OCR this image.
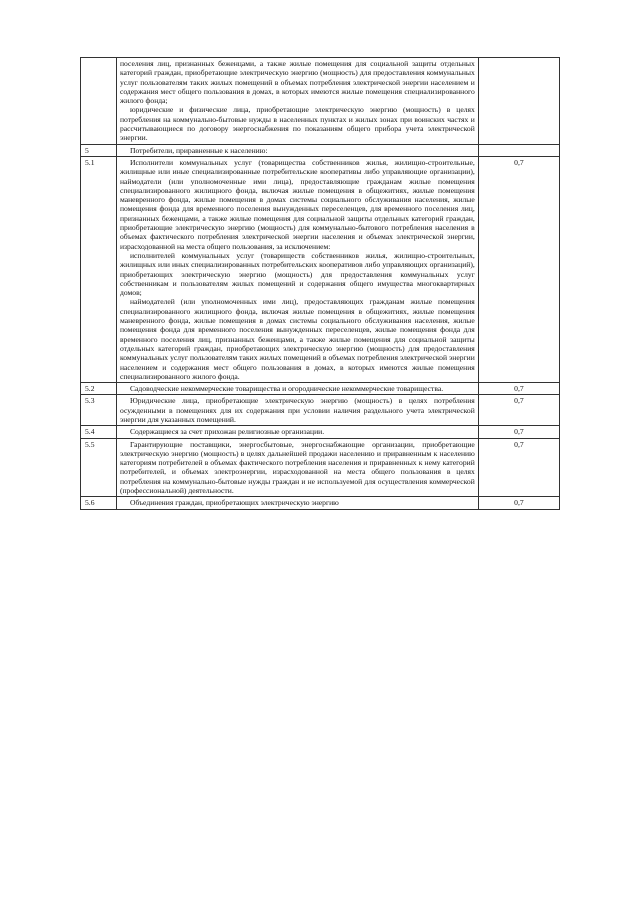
	поселения лиц, признанных беженцами, а также жилые помещения для социальной защиты отдельных категорий граждан, приобретающие электрическую энергию (мощность) для предоставления коммунальных услуг пользователям таких жилых помещений в объемах потребления электрической энергии населением и содержания мест общего пользования в домах, в которых имеются жилые помещения специализированного жилого фонда;

юридические и физические лица, приобретающие электрическую энергию (мощность) в целях потребления на коммунально-бытовые нужды в населенных пунктах и жилых зонах при воинских частях и рассчитывающиеся по договору энергоснабжения по показаниям общего прибора учета электрической энергии.	

5	Потребители, приравненные к населению:	

5.1	Исполнители коммунальных услуг (товарищества собственников жилья, жилищно-строительные, жилищные или иные специализированные потребительские кооперативы либо управляющие организации), наймодатели (или уполномоченные ими лица), предоставляющие гражданам жилые помещения специализированного жилищного фонда, включая жилые помещения в общежитиях, жилые помещения маневренного фонда, жилые помещения в домах системы социального обслуживания населения, жилые помещения фонда для временного поселения вынужденных переселенцев, для временного поселения лиц, признанных беженцами, а также жилые помещения для социальной защиты отдельных категорий граждан, приобретающие электрическую энергию (мощность) для коммунально-бытового потребления населения в объемах фактического потребления электрической энергии населения и объемах электрической энергии, израсходованной на места общего пользования, за исключением:

исполнителей коммунальных услуг (товариществ собственников жилья, жилищно-строительных, жилищных или иных специализированных потребительских кооперативов либо управляющих организаций), приобретающих электрическую энергию (мощность) для предоставления коммунальных услуг собственникам и пользователям жилых помещений и содержания общего имущества многоквартирных домов;

наймодателей (или уполномоченных ими лиц), предоставляющих гражданам жилые помещения специализированного жилищного фонда, включая жилые помещения в общежитиях, жилые помещения маневренного фонда, жилые помещения в домах системы социального обслуживания населения, жилые помещения фонда для временного поселения вынужденных переселенцев, жилые помещения фонда для временного поселения лиц, признанных беженцами, а также жилые помещения для социальной защиты отдельных категорий граждан, приобретающих электрическую энергию (мощность) для предоставления коммунальных услуг пользователям таких жилых помещений в объемах потребления электрической энергии населением и содержания мест общего пользования в домах, в которых имеются жилые помещения специализированного жилого фонда.	0,7
5.2	Садоводческие некоммерческие товарищества и огороднические некоммерческие товарищества.	0,7
5.3	Юридические лица, приобретающие электрическую энергию (мощность) в целях потребления осужденными в помещениях для их содержания при условии наличия раздельного учета электрической энергии для указанных помещений.	0,7
5.4	Содержащиеся за счет прихожан религиозные организации.	0,7
5.5	Гарантирующие поставщики, энергосбытовые, энергоснабжающие организации, приобретающие электрическую энергию (мощность) в целях дальнейшей продажи населению и приравненным к населению категориям потребителей в объемах фактического потребления населения и приравненных к нему категорий потребителей, и объемах электроэнергии, израсходованной на места общего пользования в целях потребления на коммунально-бытовые нужды граждан и не используемой для осуществления коммерческой (профессиональной) деятельности.	0,7
5.6	Объединения граждан, приобретающих электрическую энергию	0,7
